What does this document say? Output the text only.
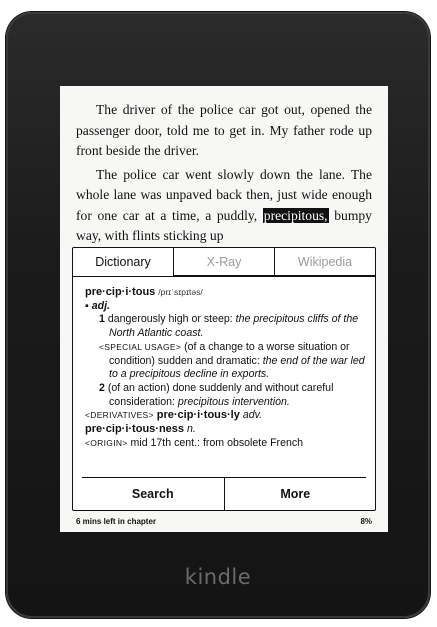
The driver of the police car got out, opened the passenger door, told me to get in. My father rode up front beside the driver.

The police car went slowly down the lane. The whole lane was unpaved back then, just wide enough for one car at a time, a puddly, precipitous, bumpy way, with flints sticking up

Dictionary	X-Ray	Wikipedia
pre·cip·i·tous /prɪˈsɪpɪtəs/
▪ adj.
1 dangerously high or steep: the precipitous cliffs of the North Atlantic coast.
<SPECIAL USAGE> (of a change to a worse situation or condition) sudden and dramatic: the end of the war led to a precipitous decline in exports.
2 (of an action) done suddenly and without careful consideration: precipitous intervention.
<DERIVATIVES> pre·cip·i·tous·ly adv.
pre·cip·i·tous·ness n.
<ORIGIN> mid 17th cent.: from obsolete French
Search	More
6 mins left in chapter	8%
kindle
